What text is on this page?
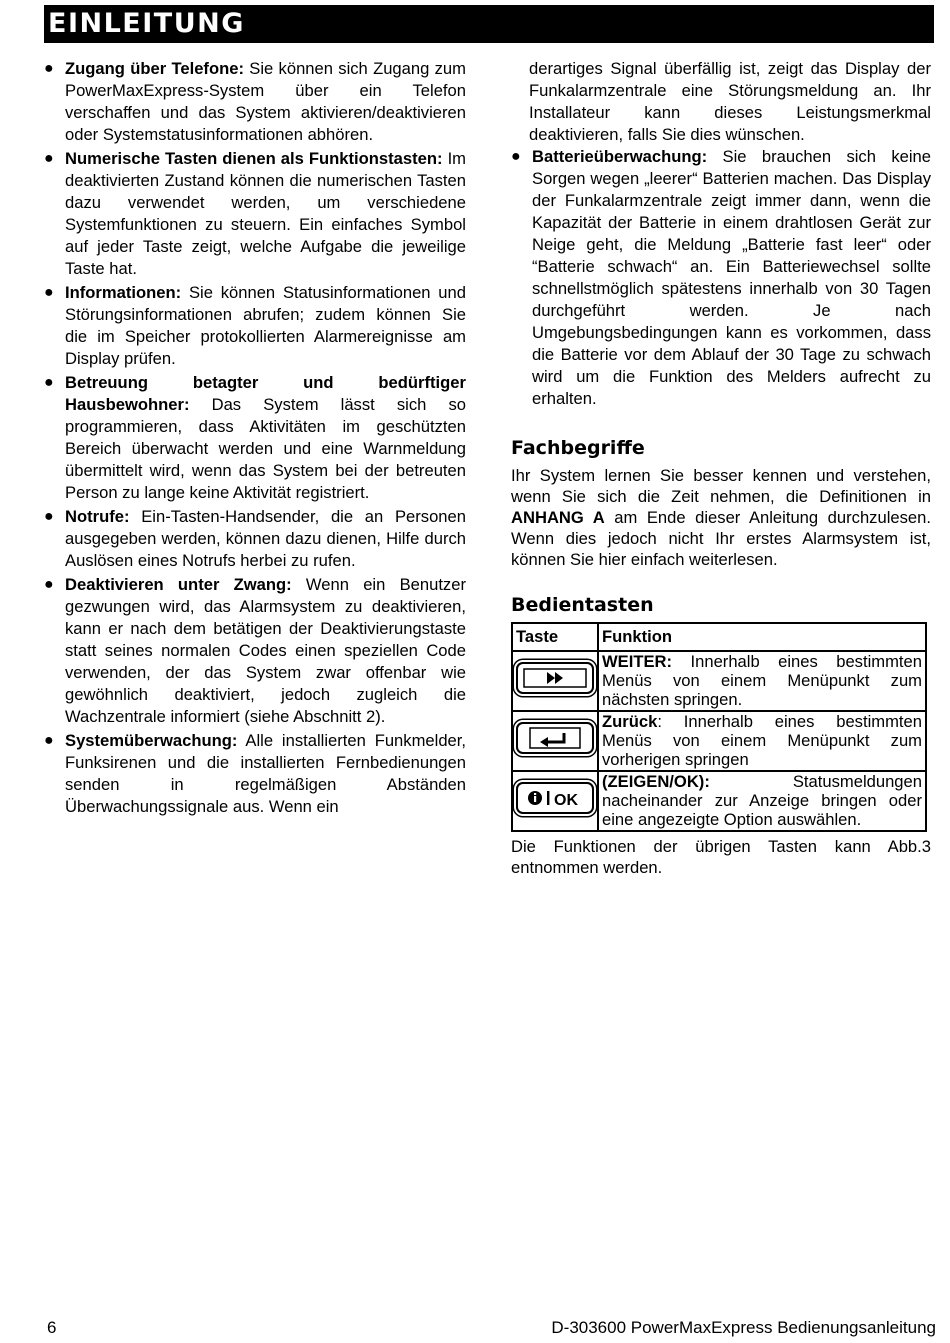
EINLEITUNG
● Zugang über Telefone: Sie können sich Zugang zum PowerMaxExpress-System über ein Telefon verschaffen und das System aktivieren/deaktivieren oder Systemstatusinformationen abhören.
● Numerische Tasten dienen als Funktionstasten: Im deaktivierten Zustand können die numerischen Tasten dazu verwendet werden, um verschiedene Systemfunktionen zu steuern. Ein einfaches Symbol auf jeder Taste zeigt, welche Aufgabe die jeweilige Taste hat.
● Informationen: Sie können Statusinformationen und Störungsinformationen abrufen; zudem können Sie die im Speicher protokollierten Alarmereignisse am Display prüfen.
● Betreuung betagter und bedürftiger Hausbewohner: Das System lässt sich so programmieren, dass Aktivitäten im geschützten Bereich überwacht werden und eine Warnmeldung übermittelt wird, wenn das System bei der betreuten Person zu lange keine Aktivität registriert.
● Notrufe: Ein-Tasten-Handsender, die an Personen ausgegeben werden, können dazu dienen, Hilfe durch Auslösen eines Notrufs herbei zu rufen.
● Deaktivieren unter Zwang: Wenn ein Benutzer gezwungen wird, das Alarmsystem zu deaktivieren, kann er nach dem betätigen der Deaktivierungstaste statt seines normalen Codes einen speziellen Code verwenden, der das System zwar offenbar wie gewöhnlich deaktiviert, jedoch zugleich die Wachzentrale informiert (siehe Abschnitt 2).
● Systemüberwachung: Alle installierten Funkmelder, Funksirenen und die installierten Fernbedienungen senden in regelmäßigen Abständen Überwachungssignale aus. Wenn ein

derartiges Signal überfällig ist, zeigt das Display der Funkalarmzentrale eine Störungsmeldung an. Ihr Installateur kann dieses Leistungsmerkmal deaktivieren, falls Sie dies wünschen.

● Batterieüberwachung: Sie brauchen sich keine Sorgen wegen „leerer“ Batterien machen. Das Display der Funkalarmzentrale zeigt immer dann, wenn die Kapazität der Batterie in einem drahtlosen Gerät zur Neige geht, die Meldung „Batterie fast leer“ oder “Batterie schwach“ an. Ein Batteriewechsel sollte schnellstmöglich spätestens innerhalb von 30 Tagen durchgeführt werden. Je nach Umgebungsbedingungen kann es vorkommen, dass die Batterie vor dem Ablauf der 30 Tage zu schwach wird um die Funktion des Melders aufrecht zu erhalten.
Fachbegriffe
Ihr System lernen Sie besser kennen und verstehen, wenn Sie sich die Zeit nehmen, die Definitionen in ANHANG A am Ende dieser Anleitung durchzulesen. Wenn dies jedoch nicht Ihr erstes Alarmsystem ist, können Sie hier einfach weiterlesen.
Bedientasten
Taste	Funktion

	WEITER: Innerhalb eines bestimmten Menüs von einem Menüpunkt zum nächsten springen.

	Zurück: Innerhalb eines bestimmten Menüs von einem Menüpunkt zum vorherigen springen

OK	(ZEIGEN/OK): Statusmeldungen nacheinander zur Anzeige bringen oder eine angezeigte Option auswählen.
Die Funktionen der übrigen Tasten kann Abb.3 entnommen werden.
6	D-303600 PowerMaxExpress Bedienungsanleitung
